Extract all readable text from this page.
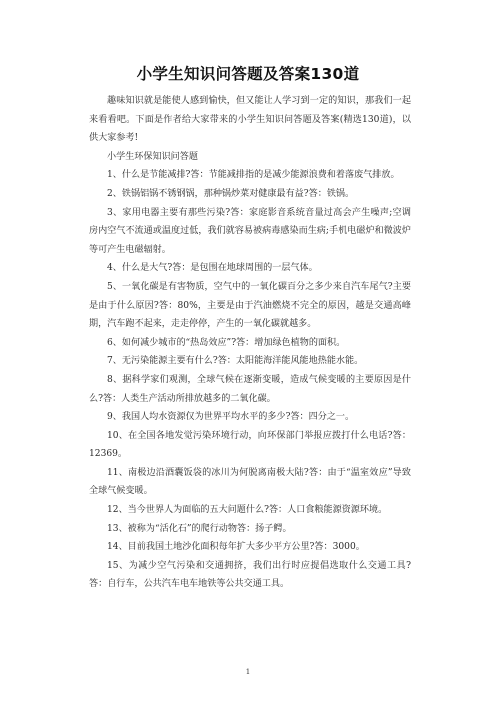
小学生知识问答题及答案130道

趣味知识就是能使人感到愉快，但又能让人学习到一定的知识，那我们一起来看看吧。下面是作者给大家带来的小学生知识问答题及答案(精选130道)，以供大家参考!

小学生环保知识问答题

1、什么是节能减排?答：节能减排指的是减少能源浪费和着落废气排放。

2、铁锅铝锅不锈钢锅，那种锅炒菜对健康最有益?答：铁锅。

3、家用电器主要有那些污染?答：家庭影音系统音量过高会产生噪声;空调房内空气不流通或温度过低，我们就容易被病毒感染而生病;手机电磁炉和微波炉等可产生电磁辐射。

4、什么是大气?答：是包围在地球周围的一层气体。

5、一氧化碳是有害物质，空气中的一氧化碳百分之多少来自汽车尾气?主要是由于什么原因?答：80%，主要是由于汽油燃烧不完全的原因，越是交通高峰期，汽车跑不起来，走走停停，产生的一氧化碳就越多。

6、如何减少城市的“热岛效应”?答：增加绿色植物的面积。

7、无污染能源主要有什么?答：太阳能海洋能风能地热能水能。

8、据科学家们观测，全球气候在逐渐变暖，造成气候变暖的主要原因是什么?答：人类生产活动所排放越多的二氧化碳。

9、我国人均水资源仅为世界平均水平的多少?答：四分之一。

10、在全国各地发觉污染环境行动，向环保部门举报应拨打什么电话?答：12369。

11、南极边沿酒囊饭袋的冰川为何脱离南极大陆?答：由于“温室效应”导致全球气候变暖。

12、当今世界人为面临的五大问题什么?答：人口食粮能源资源环境。

13、被称为“活化石”的爬行动物答：扬子鳄。

14、目前我国土地沙化面积每年扩大多少平方公里?答：3000。

15、为减少空气污染和交通拥挤，我们出行时应提倡选取什么交通工具?答：自行车，公共汽车电车地铁等公共交通工具。

1
